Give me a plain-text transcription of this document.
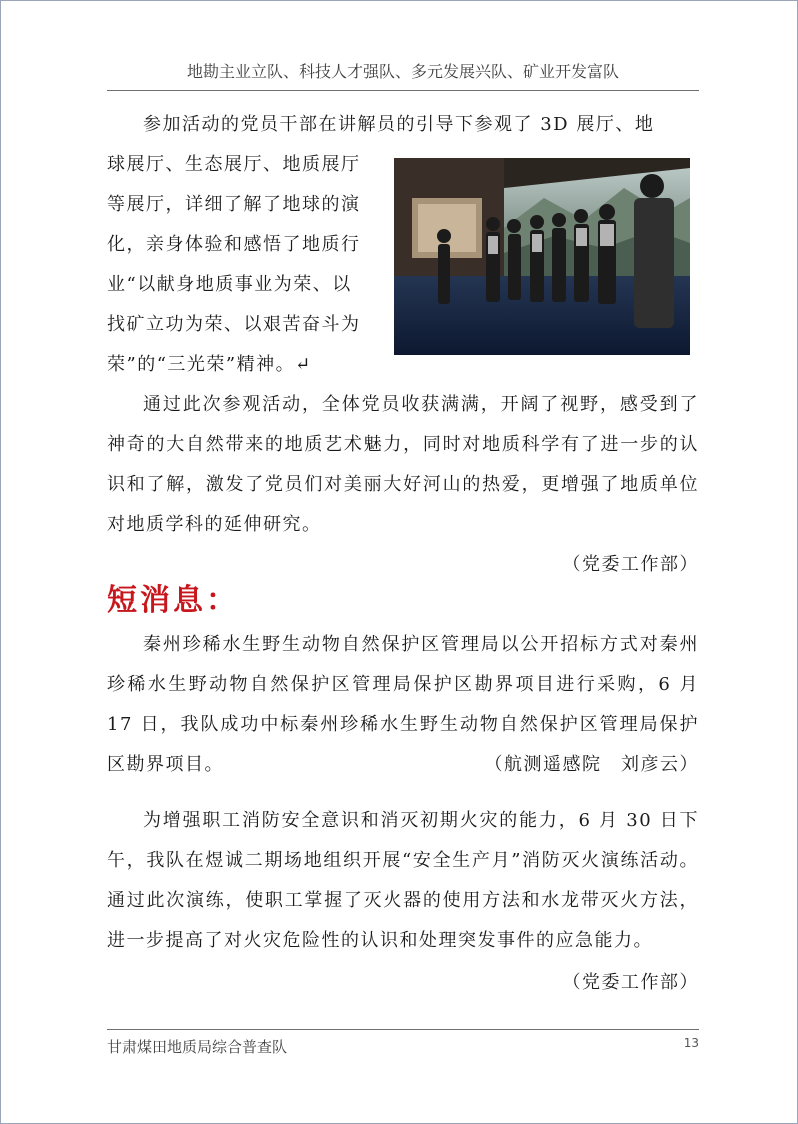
地勘主业立队、科技人才强队、多元发展兴队、矿业开发富队

参加活动的党员干部在讲解员的引导下参观了 3D 展厅、地

球展厅、生态展厅、地质展厅

等展厅，详细了解了地球的演

化，亲身体验和感悟了地质行

业“以献身地质事业为荣、以

找矿立功为荣、以艰苦奋斗为

荣”的“三光荣”精神。↵

通过此次参观活动，全体党员收获满满，开阔了视野，感受到了神奇的大自然带来的地质艺术魅力，同时对地质科学有了进一步的认识和了解，激发了党员们对美丽大好河山的热爱，更增强了地质单位对地质学科的延伸研究。

（党委工作部）

短消息：

秦州珍稀水生野生动物自然保护区管理局以公开招标方式对秦州珍稀水生野动物自然保护区管理局保护区勘界项目进行采购，6 月 17 日，我队成功中标秦州珍稀水生野生动物自然保护区管理局保护区勘界项目。	（航测遥感院　刘彦云）

为增强职工消防安全意识和消灭初期火灾的能力，6 月 30 日下午，我队在煜诚二期场地组织开展“安全生产月”消防灭火演练活动。通过此次演练，使职工掌握了灭火器的使用方法和水龙带灭火方法，进一步提高了对火灾危险性的认识和处理突发事件的应急能力。

（党委工作部）

甘肃煤田地质局综合普查队	13
